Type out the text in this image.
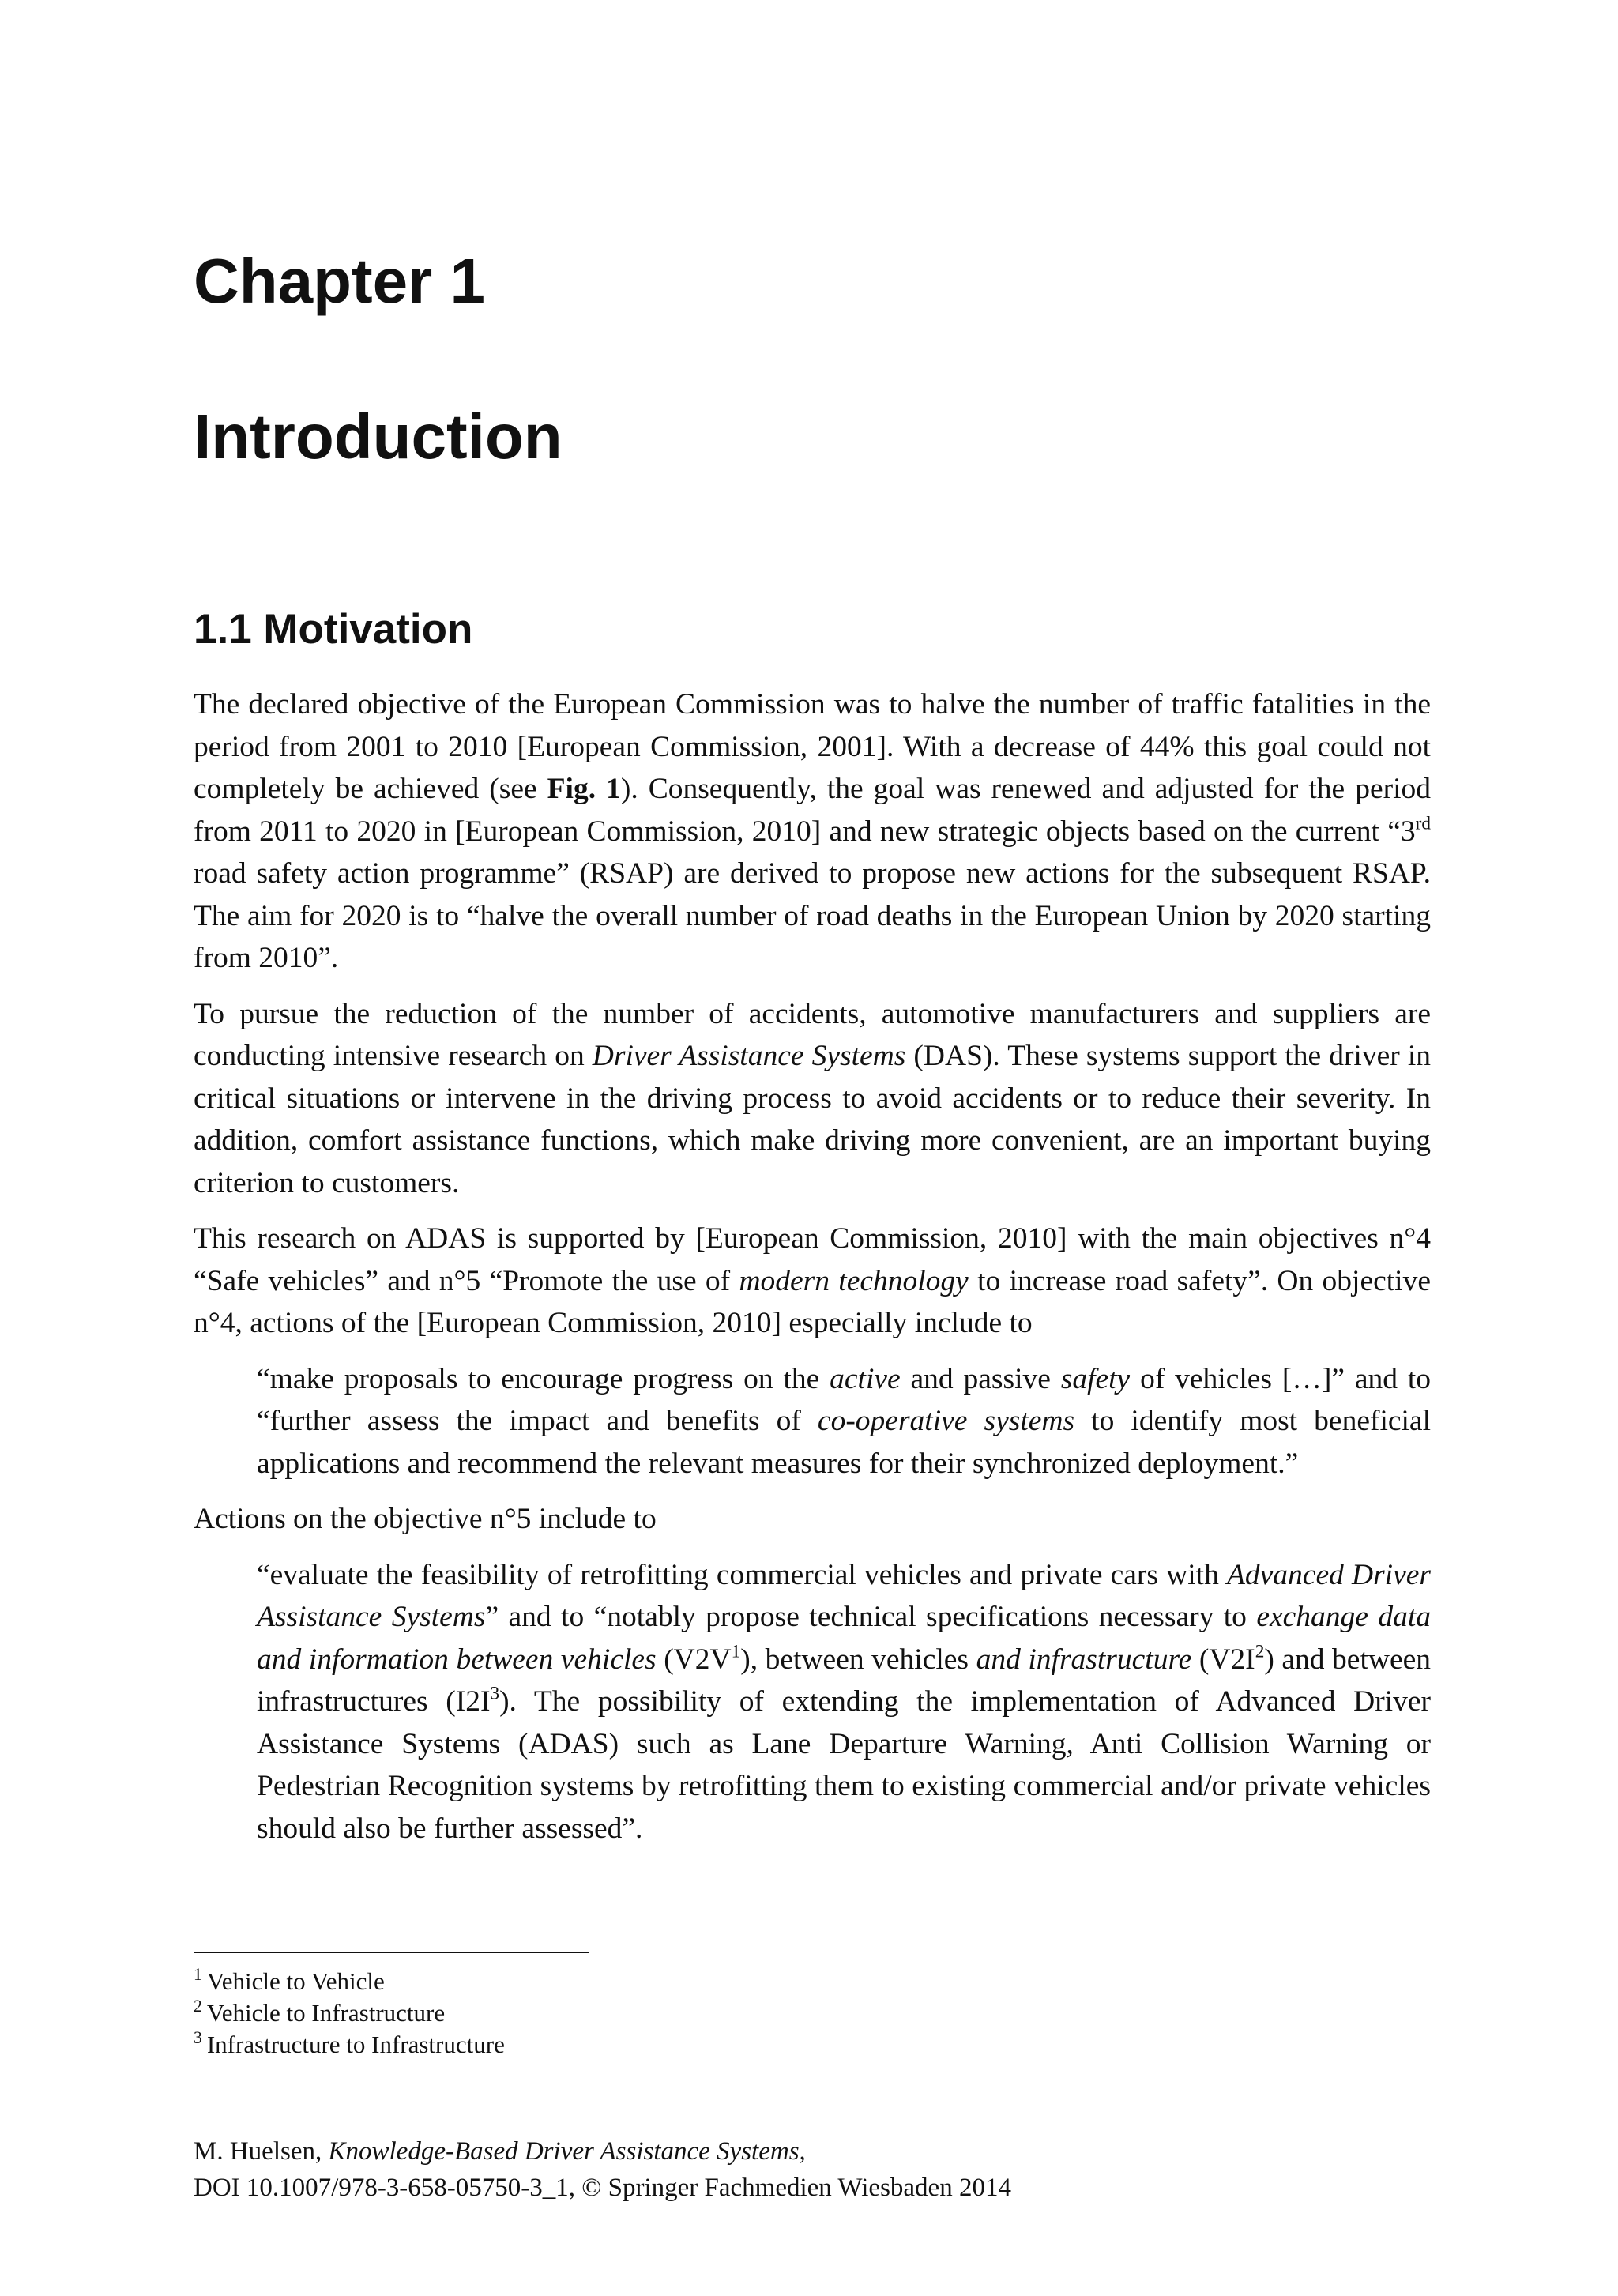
Chapter 1
Introduction
1.1 Motivation

The declared objective of the European Commission was to halve the number of traffic fatalities in the period from 2001 to 2010 [European Commission, 2001]. With a decrease of 44% this goal could not completely be achieved (see Fig. 1). Consequently, the goal was renewed and adjusted for the period from 2011 to 2020 in [European Commission, 2010] and new strategic objects based on the current “3rd road safety action programme” (RSAP) are derived to propose new actions for the subsequent RSAP. The aim for 2020 is to “halve the overall number of road deaths in the European Union by 2020 starting from 2010”.

To pursue the reduction of the number of accidents, automotive manufacturers and suppliers are conducting intensive research on Driver Assistance Systems (DAS). These systems support the driver in critical situations or intervene in the driving process to avoid accidents or to reduce their severity. In addition, comfort assistance functions, which make driving more convenient, are an important buying criterion to customers.

This research on ADAS is supported by [European Commission, 2010] with the main objectives n°4 “Safe vehicles” and n°5 “Promote the use of modern technology to increase road safety”. On objective n°4, actions of the [European Commission, 2010] especially include to

“make proposals to encourage progress on the active and passive safety of vehicles […]” and to “further assess the impact and benefits of co-operative systems to identify most beneficial applications and recommend the relevant measures for their synchronized deployment.”

Actions on the objective n°5 include to

“evaluate the feasibility of retrofitting commercial vehicles and private cars with Advanced Driver Assistance Systems” and to “notably propose technical specifications necessary to exchange data and information between vehicles $(V2V^1)$, between vehicles and infrastructure $(V2I^2)$ and between infrastructures $(I2I^3)$. The possibility of extending the implementation of Advanced Driver Assistance Systems (ADAS) such as Lane Departure Warning, Anti Collision Warning or Pedestrian Recognition systems by retrofitting them to existing commercial and/or private vehicles should also be further assessed”.

$^1$ Vehicle to Vehicle

$^2$ Vehicle to Infrastructure

$^3$ Infrastructure to Infrastructure

M. Huelsen, Knowledge-Based Driver Assistance Systems,

DOI 10.1007/978-3-658-05750-3_1, © Springer Fachmedien Wiesbaden 2014
